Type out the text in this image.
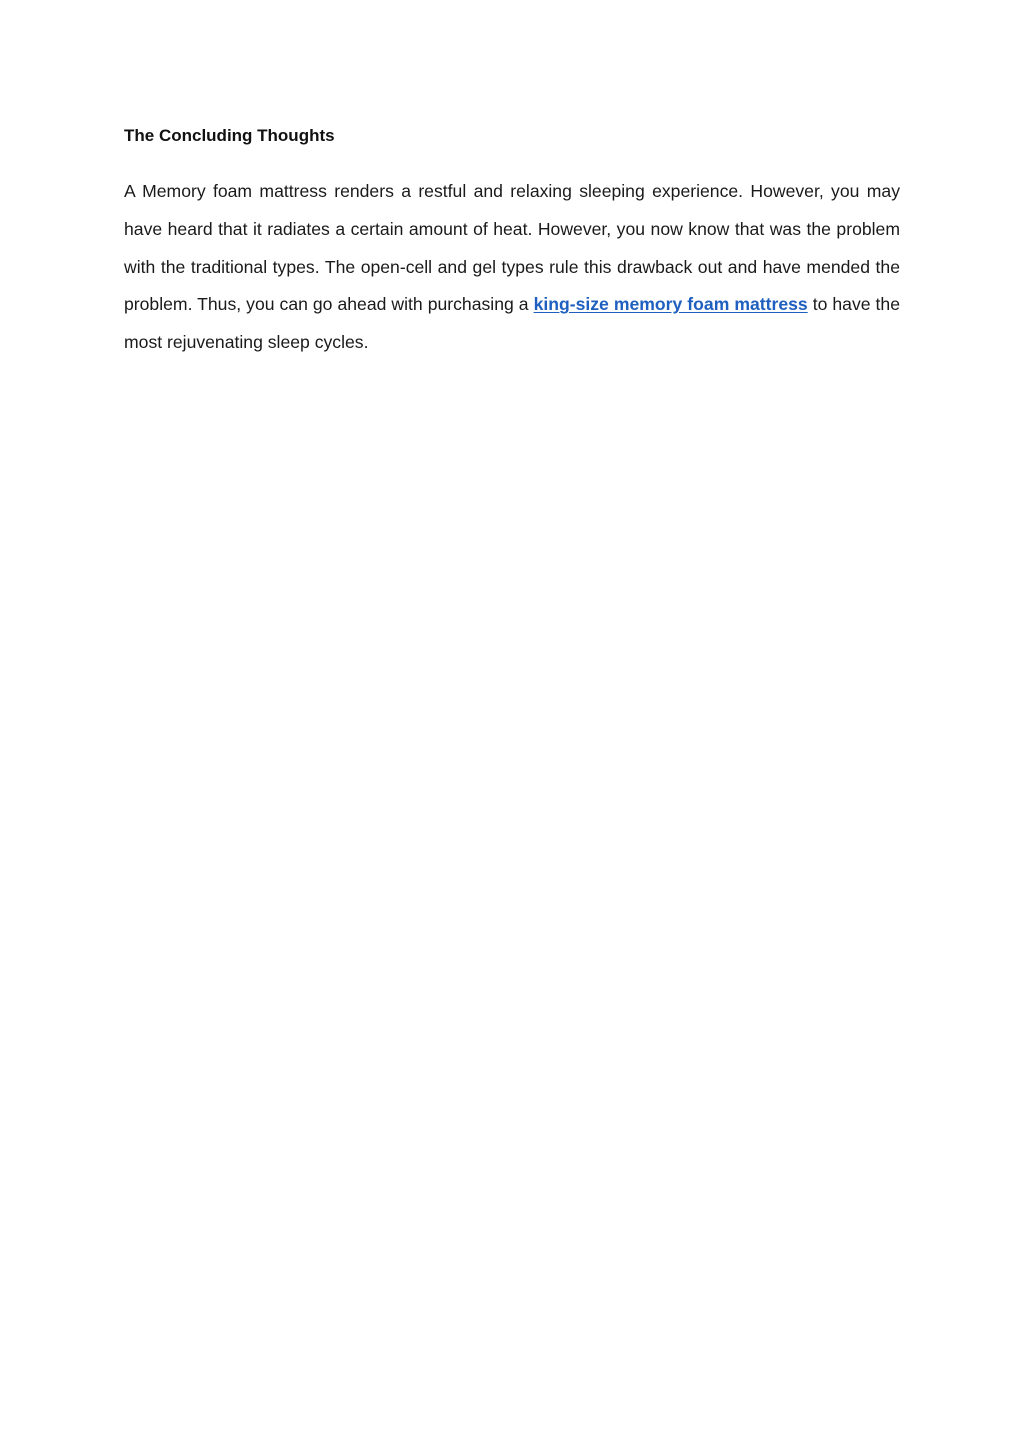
The Concluding Thoughts

A Memory foam mattress renders a restful and relaxing sleeping experience. However, you may have heard that it radiates a certain amount of heat. However, you now know that was the problem with the traditional types. The open-cell and gel types rule this drawback out and have mended the problem. Thus, you can go ahead with purchasing a king-size memory foam mattress to have the most rejuvenating sleep cycles.
